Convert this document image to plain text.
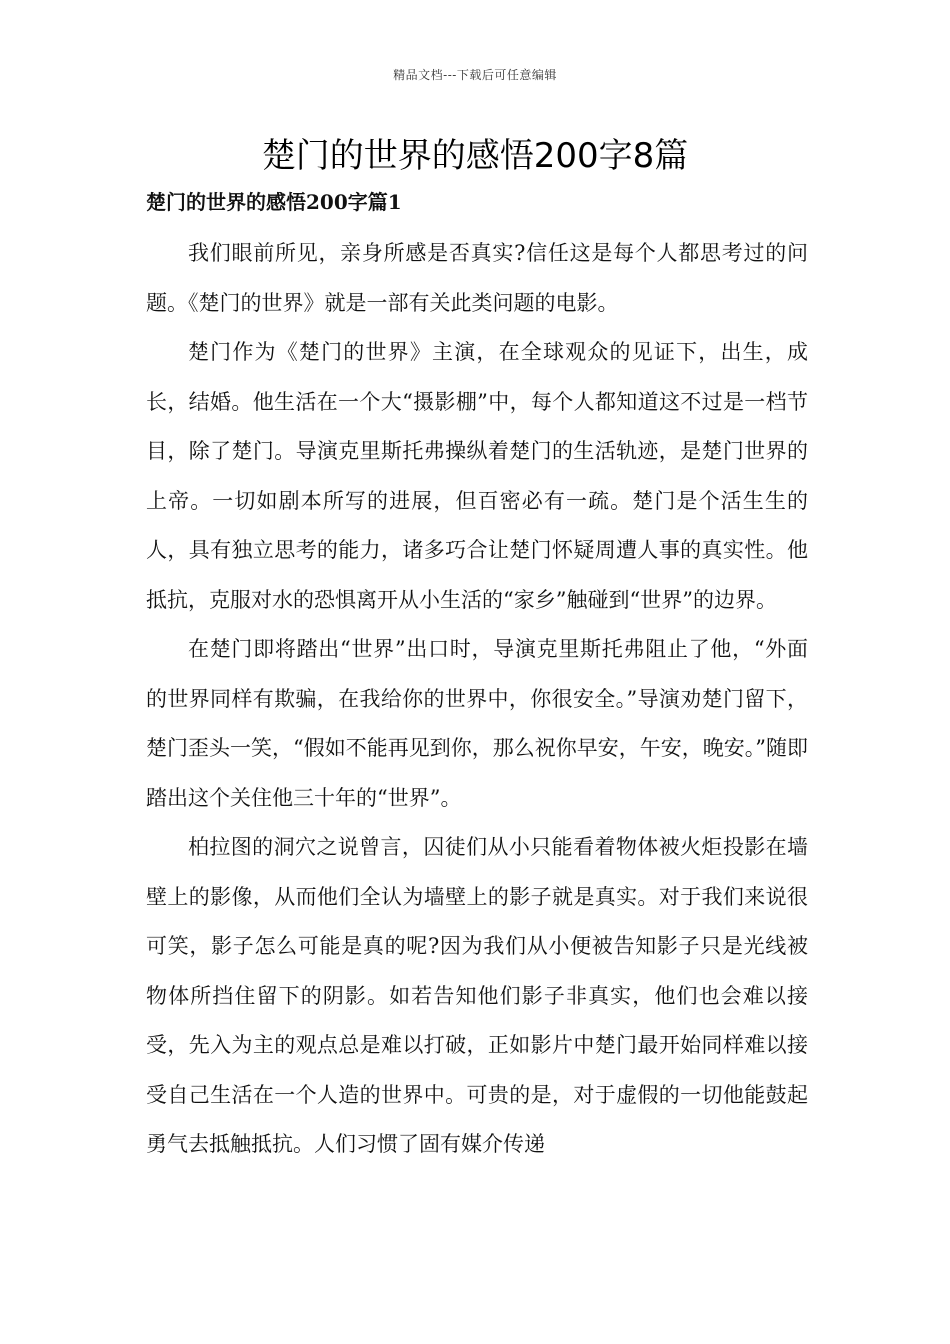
精品文档---下载后可任意编辑
楚门的世界的感悟200字8篇
楚门的世界的感悟200字篇1

我们眼前所见，亲身所感是否真实?信任这是每个人都思考过的问题。《楚门的世界》就是一部有关此类问题的电影。

楚门作为《楚门的世界》主演，在全球观众的见证下，出生，成长，结婚。他生活在一个大“摄影棚”中，每个人都知道这不过是一档节目，除了楚门。导演克里斯托弗操纵着楚门的生活轨迹，是楚门世界的上帝。一切如剧本所写的进展，但百密必有一疏。楚门是个活生生的人，具有独立思考的能力，诸多巧合让楚门怀疑周遭人事的真实性。他抵抗，克服对水的恐惧离开从小生活的“家乡”触碰到“世界”的边界。

在楚门即将踏出“世界”出口时，导演克里斯托弗阻止了他，“外面的世界同样有欺骗，在我给你的世界中，你很安全。”导演劝楚门留下，楚门歪头一笑，“假如不能再见到你，那么祝你早安，午安，晚安。”随即踏出这个关住他三十年的“世界”。

柏拉图的洞穴之说曾言，囚徒们从小只能看着物体被火炬投影在墙壁上的影像，从而他们全认为墙壁上的影子就是真实。对于我们来说很可笑，影子怎么可能是真的呢?因为我们从小便被告知影子只是光线被物体所挡住留下的阴影。如若告知他们影子非真实，他们也会难以接受，先入为主的观点总是难以打破，正如影片中楚门最开始同样难以接受自己生活在一个人造的世界中。可贵的是，对于虚假的一切他能鼓起勇气去抵触抵抗。人们习惯了固有媒介传递
